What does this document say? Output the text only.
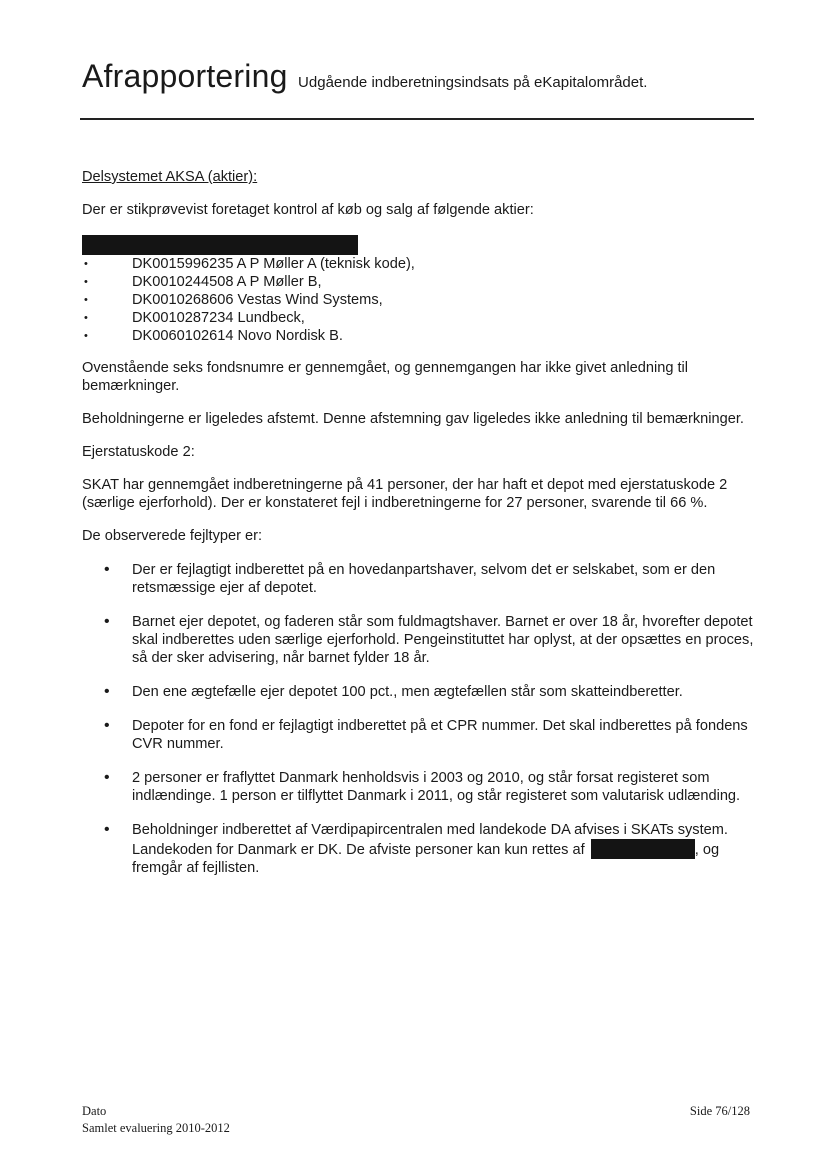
Afrapportering Udgående indberetningsindsats på eKapitalområdet.

Delsystemet AKSA (aktier):

Der er stikprøvevist foretaget kontrol af køb og salg af følgende aktier:

• DK0015996235 A P Møller A (teknisk kode),
• DK0010244508 A P Møller B,
• DK0010268606 Vestas Wind Systems,
• DK0010287234 Lundbeck,
• DK0060102614 Novo Nordisk B.

Ovenstående seks fondsnumre er gennemgået, og gennemgangen har ikke givet anledning til bemærkninger.

Beholdningerne er ligeledes afstemt. Denne afstemning gav ligeledes ikke anledning til bemærkninger.

Ejerstatuskode 2:

SKAT har gennemgået indberetningerne på 41 personer, der har haft et depot med ejerstatuskode 2 (særlige ejerforhold). Der er konstateret fejl i indberetningerne for 27 personer, svarende til 66 %.

De observerede fejltyper er:

• Der er fejlagtigt indberettet på en hovedanpartshaver, selvom det er selskabet, som er den retsmæssige ejer af depotet.
• Barnet ejer depotet, og faderen står som fuldmagtshaver. Barnet er over 18 år, hvorefter depotet skal indberettes uden særlige ejerforhold. Pengeinstituttet har oplyst, at der opsættes en proces, så der sker advisering, når barnet fylder 18 år.
• Den ene ægtefælle ejer depotet 100 pct., men ægtefællen står som skatteindberetter.
• Depoter for en fond er fejlagtigt indberettet på et CPR nummer. Det skal indberettes på fondens CVR nummer.
• 2 personer er fraflyttet Danmark henholdsvis i 2003 og 2010, og står forsat registeret som indlændinge. 1 person er tilflyttet Danmark i 2011, og står registeret som valutarisk udlænding.
• Beholdninger indberettet af Værdipapircentralen med landekode DA afvises i SKATs system. Landekoden for Danmark er DK. De afviste personer kan kun rettes af	, og fremgår af fejllisten.
Dato
Samlet evaluering 2010-2012
Side 76/128
